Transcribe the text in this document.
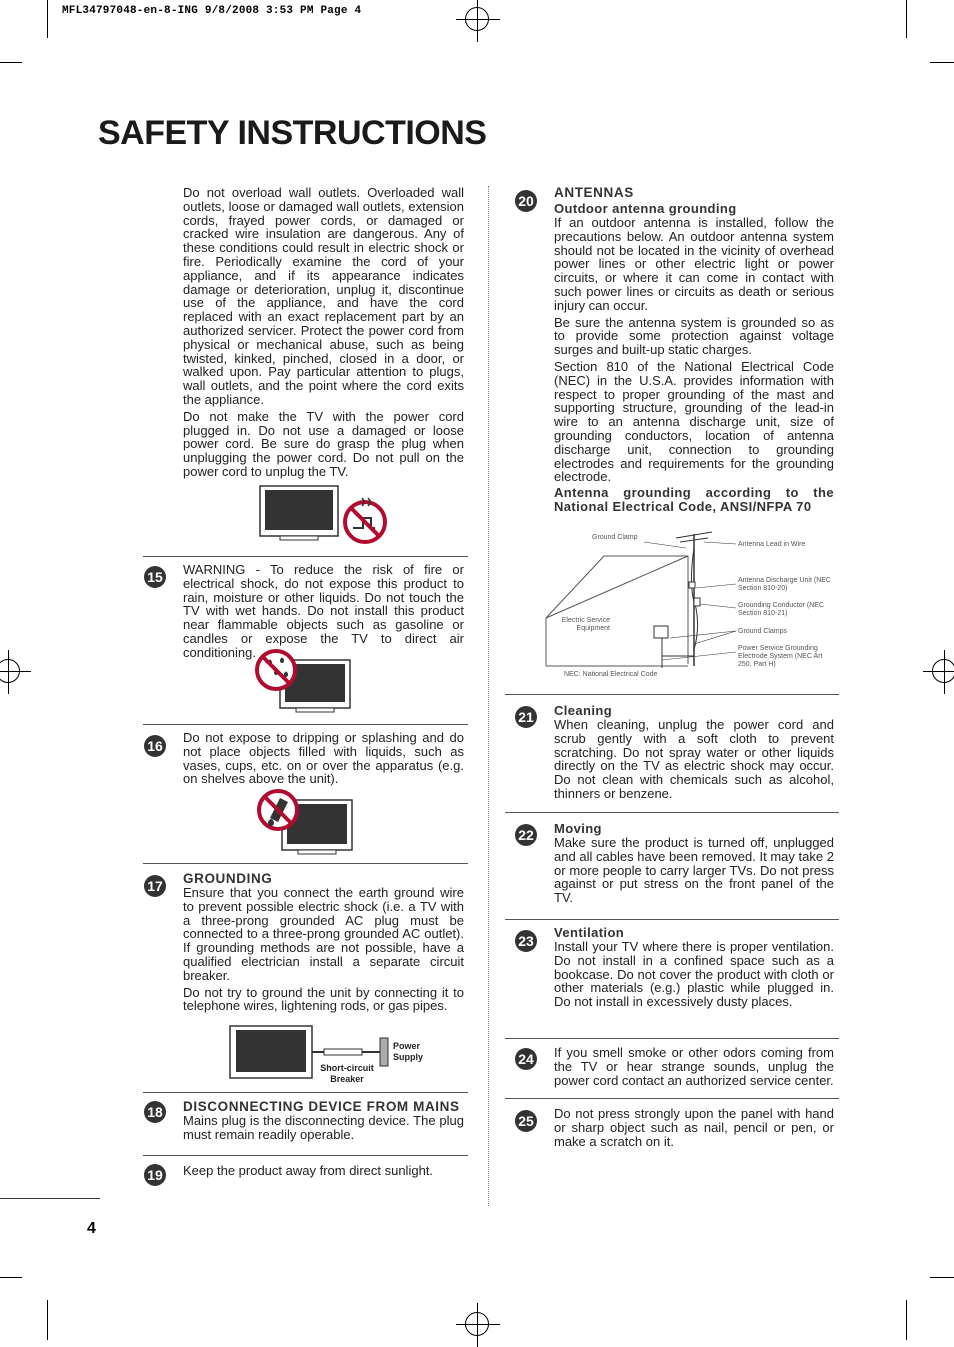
MFL34797048-en-8-ING 9/8/2008 3:53 PM Page 4
SAFETY INSTRUCTIONS

Do not overload wall outlets. Overloaded wall outlets, loose or damaged wall outlets, extension cords, frayed power cords, or damaged or cracked wire insulation are dangerous. Any of these conditions could result in electric shock or fire. Periodically examine the cord of your appliance, and if its appearance indicates damage or deterioration, unplug it, discontinue use of the appliance, and have the cord replaced with an exact replacement part by an authorized servicer. Protect the power cord from physical or mechanical abuse, such as being twisted, kinked, pinched, closed in a door, or walked upon. Pay particular attention to plugs, wall outlets, and the point where the cord exits the appliance.

Do not make the TV with the power cord plugged in. Do not use a damaged or loose power cord. Be sure do grasp the plug when unplugging the power cord. Do not pull on the power cord to unplug the TV.

15 WARNING - To reduce the risk of fire or electrical shock, do not expose this product to rain, moisture or other liquids. Do not touch the TV with wet hands. Do not install this product near flammable objects such as gasoline or candles or expose the TV to direct air conditioning.

16

Do not expose to dripping or splashing and do not place objects filled with liquids, such as vases, cups, etc. on or over the apparatus (e.g. on shelves above the unit).

17 GROUNDING

Ensure that you connect the earth ground wire to prevent possible electric shock (i.e. a TV with a three-prong grounded AC plug must be connected to a three-prong grounded AC outlet). If grounding methods are not possible, have a qualified electrician install a separate circuit breaker.

Do not try to ground the unit by connecting it to telephone wires, lightening rods, or gas pipes.

Power Supply
Short-circuit Breaker
18 DISCONNECTING DEVICE FROM MAINS

Mains plug is the disconnecting device. The plug must remain readily operable.

19 Keep the product away from direct sunlight.

20
ANTENNAS
Outdoor antenna grounding

If an outdoor antenna is installed, follow the precautions below. An outdoor antenna system should not be located in the vicinity of overhead power lines or other electric light or power circuits, or where it can come in contact with such power lines or circuits as death or serious injury can occur.

Be sure the antenna system is grounded so as to provide some protection against voltage surges and built-up static charges.

Section 810 of the National Electrical Code (NEC) in the U.S.A. provides information with respect to proper grounding of the mast and supporting structure, grounding of the lead-in wire to an antenna discharge unit, size of grounding conductors, location of antenna discharge unit, connection to grounding electrodes and requirements for the grounding electrode.

Antenna grounding according to the National Electrical Code, ANSI/NFPA 70
Ground Clamp
Antenna Lead in Wire
Antenna Discharge Unit (NEC Section 810-20)
Grounding Conductor (NEC Section 810-21)
Ground Clamps
Power Service Grounding Electrode System (NEC Art 250, Part H)
Electric Service Equipment
NEC: National Electrical Code
21 Cleaning

When cleaning, unplug the power cord and scrub gently with a soft cloth to prevent scratching. Do not spray water or other liquids directly on the TV as electric shock may occur. Do not clean with chemicals such as alcohol, thinners or benzene.

22 Moving

Make sure the product is turned off, unplugged and all cables have been removed. It may take 2 or more people to carry larger TVs. Do not press against or put stress on the front panel of the TV.

23
Ventilation

Install your TV where there is proper ventilation. Do not install in a confined space such as a bookcase. Do not cover the product with cloth or other materials (e.g.) plastic while plugged in. Do not install in excessively dusty places.

24 If you smell smoke or other odors coming from the TV or hear strange sounds, unplug the power cord contact an authorized service center.

25 Do not press strongly upon the panel with hand or sharp object such as nail, pencil or pen, or make a scratch on it.

4
